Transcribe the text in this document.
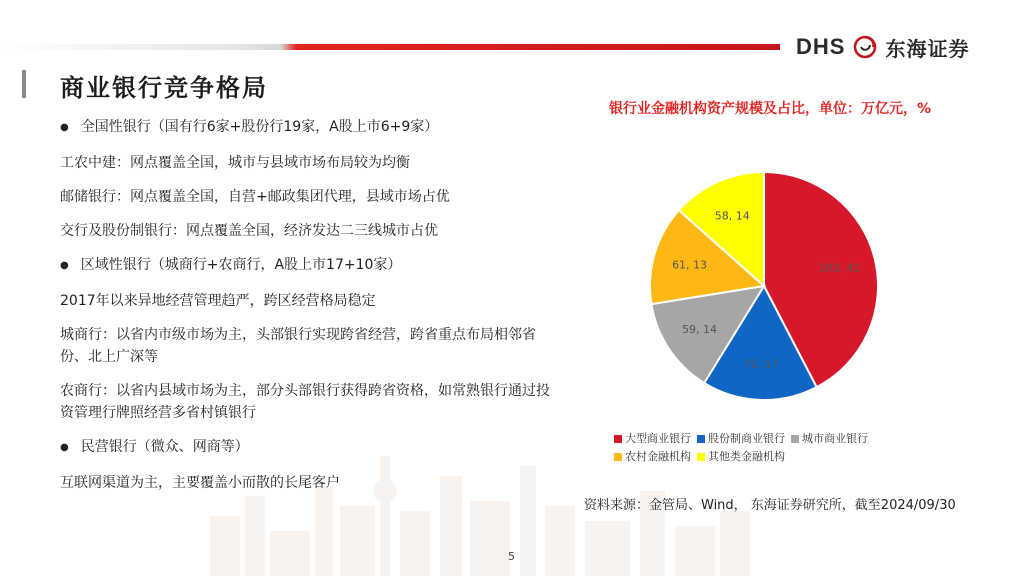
DHS 东海证券
商业银行竞争格局
● 全国性银行（国有行6家+股份行19家，A股上市6+9家）
工农中建：网点覆盖全国，城市与县域市场布局较为均衡
邮储银行：网点覆盖全国，自营+邮政集团代理，县域市场占优
交行及股份制银行：网点覆盖全国，经济发达二三线城市占优
● 区域性银行（城商行+农商行，A股上市17+10家）
2017年以来异地经营管理趋严，跨区经营格局稳定
城商行：以省内市级市场为主，头部银行实现跨省经营，跨省重点布局相邻省份、北上广深等
农商行：以省内县域市场为主，部分头部银行获得跨省资格，如常熟银行通过投资管理行牌照经营多省村镇银行
● 民营银行（微众、网商等）
互联网渠道为主，主要覆盖小而散的长尾客户
银行业金融机构资产规模及占比，单位：万亿元，%
183, 42
71, 17
59, 14
61, 13
58, 14
大型商业银行 股份制商业银行 城市商业银行
农村金融机构 其他类金融机构
资料来源：金管局、Wind， 东海证券研究所，截至2024/09/30
5
